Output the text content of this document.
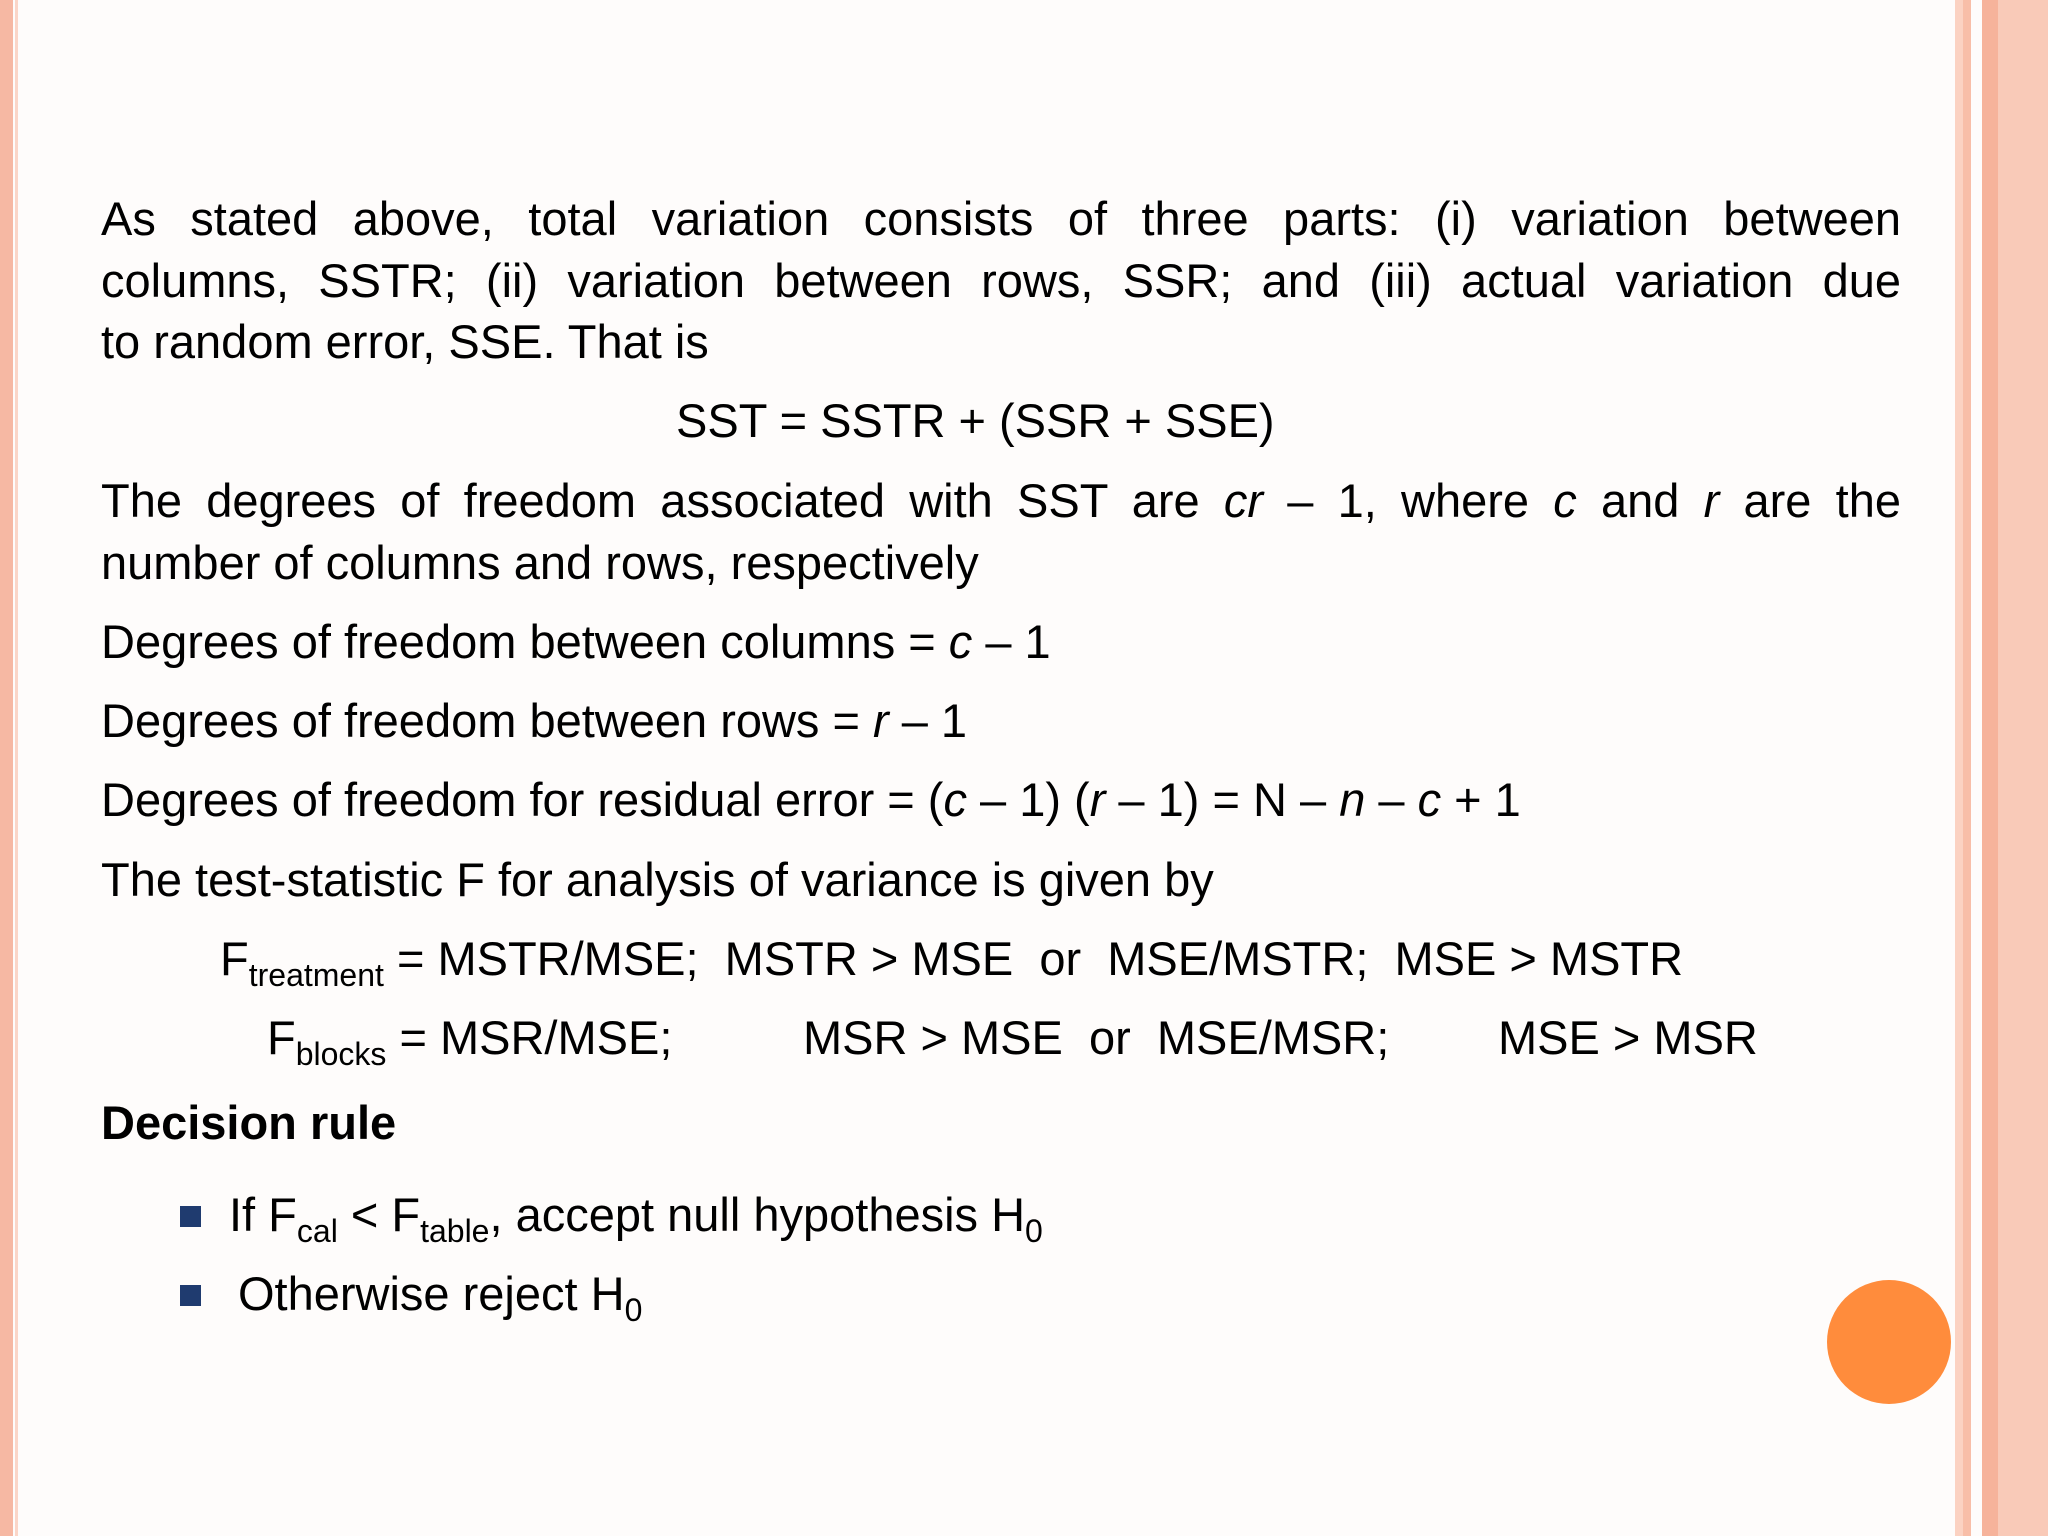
As stated above, total variation consists of three parts: (i) variation between
columns, SSTR; (ii) variation between rows, SSR; and (iii) actual variation due
to random error, SSE. That is
SST = SSTR + (SSR + SSE)
The degrees of freedom associated with SST are cr – 1, where c and r are the
number of columns and rows, respectively
Degrees of freedom between columns = c – 1
Degrees of freedom between rows = r – 1
Degrees of freedom for residual error = (c – 1) (r – 1) = N – n – c + 1
The test-statistic F for analysis of variance is given by
$F_{treatment}$ = MSTR/MSE;  MSTR > MSE  or  MSE/MSTR;  MSE > MSTR
$F_{blocks} = MSR/MSE$;	MSR > MSE  or  MSE/MSR; MSE > MSR
Decision rule
If $F_{cal} < F_{table}$, accept null hypothesis $H_0$
Otherwise reject $H_0$
